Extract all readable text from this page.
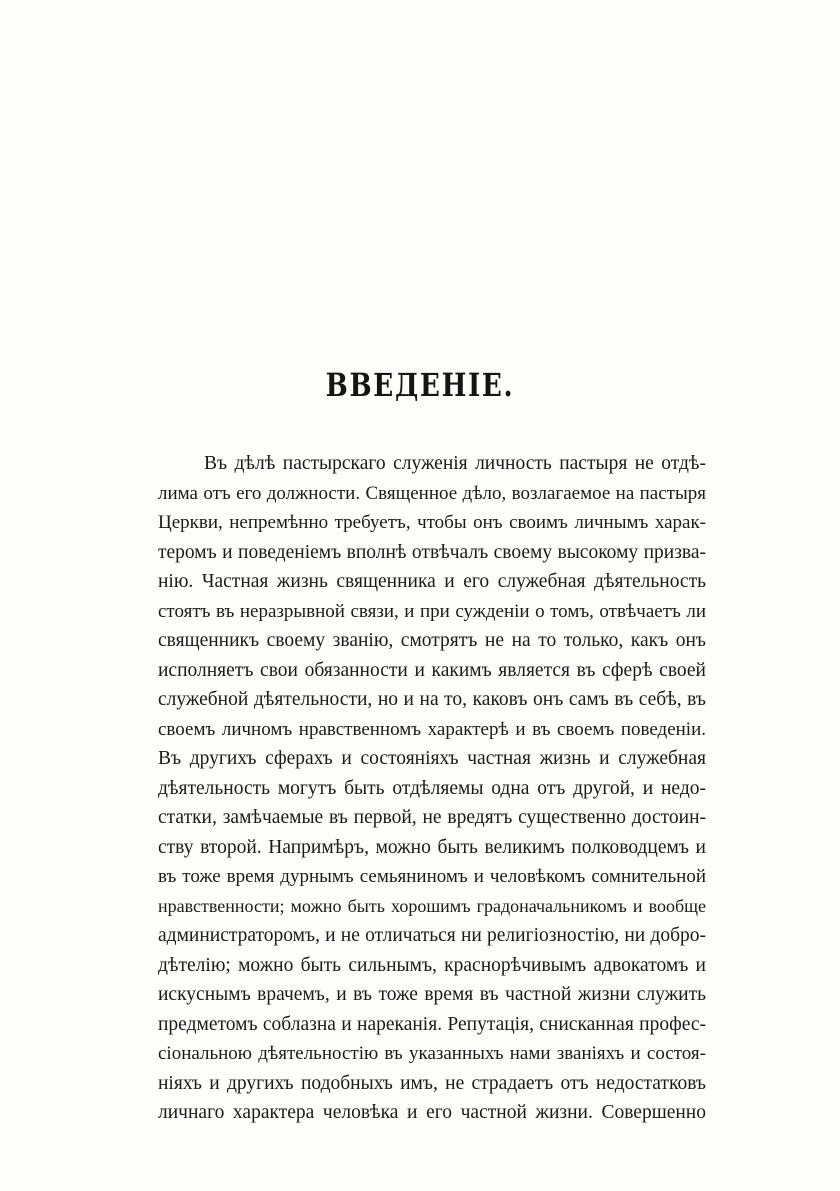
ВВЕДЕНІЕ.
Въ дѣлѣ пастырскаго служенія личность пастыря не отдѣ-
лима отъ его должности. Священное дѣло, возлагаемое на пастыря
Церкви, непремѣнно требуетъ, чтобы онъ своимъ личнымъ харак-
теромъ и поведеніемъ вполнѣ отвѣчалъ своему высокому призва-
нію. Частная жизнь священника и его служебная дѣятельность
стоятъ въ неразрывной связи, и при сужденіи о томъ, отвѣчаетъ ли
священникъ своему званію, смотрятъ не на то только, какъ онъ
исполняетъ свои обязанности и какимъ является въ сферѣ своей
служебной дѣятельности, но и на то, каковъ онъ самъ въ себѣ, въ
своемъ личномъ нравственномъ характерѣ и въ своемъ поведеніи.
Въ другихъ сферахъ и состояніяхъ частная жизнь и служебная
дѣятельность могутъ быть отдѣляемы одна отъ другой, и недо-
статки, замѣчаемые въ первой, не вредятъ существенно достоин-
ству второй. Напримѣръ, можно быть великимъ полководцемъ и
въ тоже время дурнымъ семьяниномъ и человѣкомъ сомнительной
нравственности; можно быть хорошимъ градоначальникомъ и вообще
администраторомъ, и не отличаться ни религіозностію, ни добро-
дѣтелію; можно быть сильнымъ, краснорѣчивымъ адвокатомъ и
искуснымъ врачемъ, и въ тоже время въ частной жизни служить
предметомъ соблазна и нареканія. Репутація, снисканная профес-
сіональною дѣятельностію въ указанныхъ нами званіяхъ и состоя-
ніяхъ и другихъ подобныхъ имъ, не страдаетъ отъ недостатковъ
личнаго характера человѣка и его частной жизни. Совершенно
